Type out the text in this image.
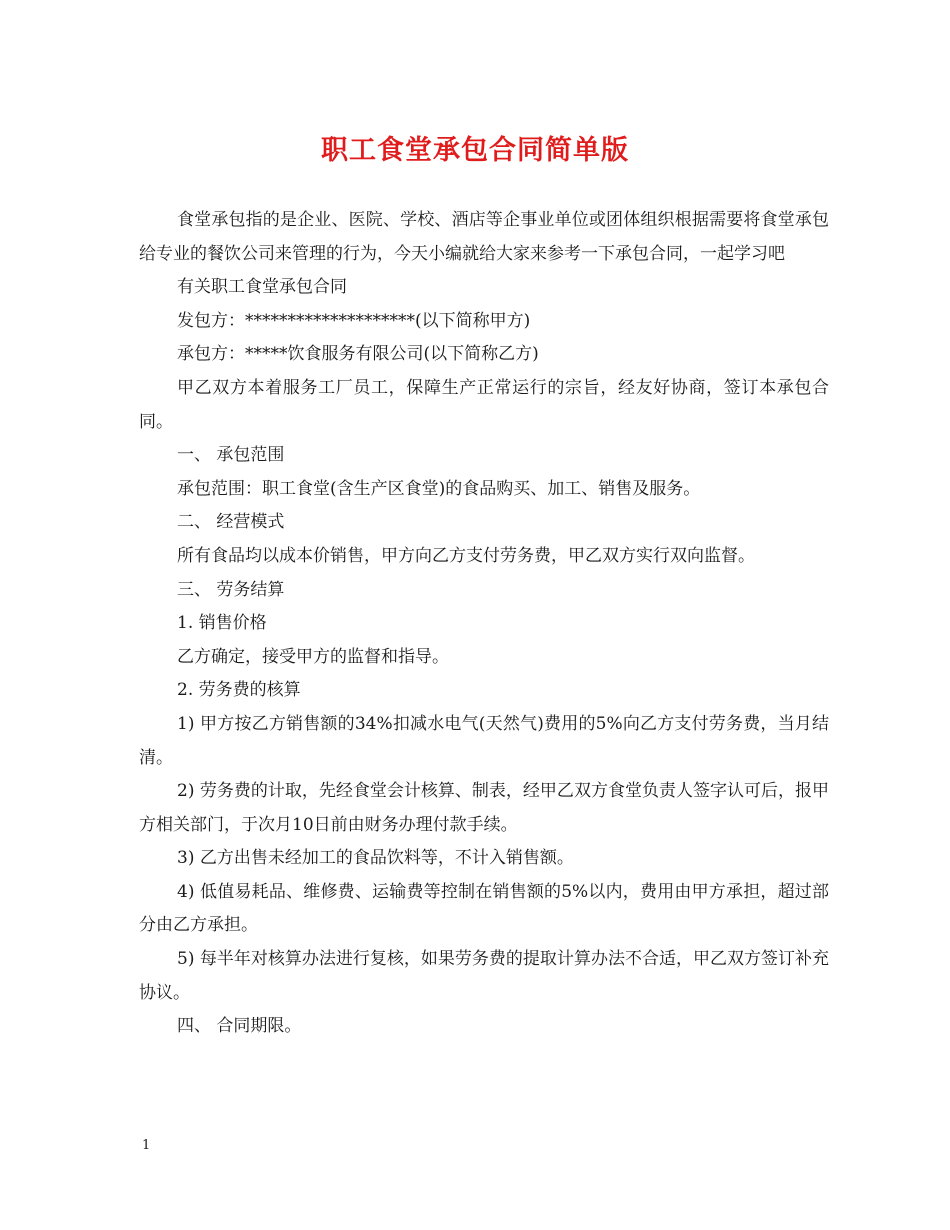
职工食堂承包合同简单版

食堂承包指的是企业、医院、学校、酒店等企事业单位或团体组织根据需要将食堂承包给专业的餐饮公司来管理的行为，今天小编就给大家来参考一下承包合同，一起学习吧

有关职工食堂承包合同

发包方：********************(以下简称甲方)

承包方：*****饮食服务有限公司(以下简称乙方)

甲乙双方本着服务工厂员工，保障生产正常运行的宗旨，经友好协商，签订本承包合同。

一、 承包范围

承包范围：职工食堂(含生产区食堂)的食品购买、加工、销售及服务。

二、 经营模式

所有食品均以成本价销售，甲方向乙方支付劳务费，甲乙双方实行双向监督。

三、 劳务结算

1. 销售价格

乙方确定，接受甲方的监督和指导。

2. 劳务费的核算

1) 甲方按乙方销售额的34%扣减水电气(天然气)费用的5%向乙方支付劳务费，当月结清。

2) 劳务费的计取，先经食堂会计核算、制表，经甲乙双方食堂负责人签字认可后，报甲方相关部门，于次月10日前由财务办理付款手续。

3) 乙方出售未经加工的食品饮料等，不计入销售额。

4) 低值易耗品、维修费、运输费等控制在销售额的5%以内，费用由甲方承担，超过部分由乙方承担。

5) 每半年对核算办法进行复核，如果劳务费的提取计算办法不合适，甲乙双方签订补充协议。

四、 合同期限。

1
